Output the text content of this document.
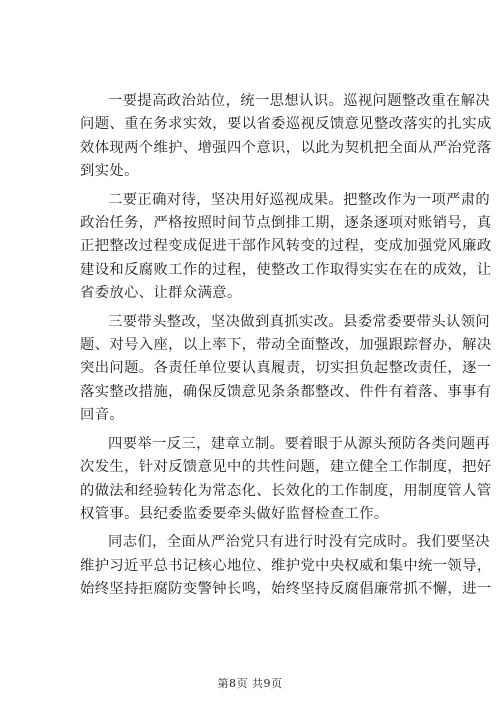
一要提高政治站位，统一思想认识。巡视问题整改重在解决
问题、重在务求实效，要以省委巡视反馈意见整改落实的扎实成
效体现两个维护、增强四个意识，以此为契机把全面从严治党落
到实处。

二要正确对待，坚决用好巡视成果。把整改作为一项严肃的
政治任务，严格按照时间节点倒排工期，逐条逐项对账销号，真
正把整改过程变成促进干部作风转变的过程，变成加强党风廉政
建设和反腐败工作的过程，使整改工作取得实实在在的成效，让
省委放心、让群众满意。

三要带头整改，坚决做到真抓实改。县委常委要带头认领问
题、对号入座，以上率下，带动全面整改，加强跟踪督办，解决
突出问题。各责任单位要认真履责，切实担负起整改责任，逐一
落实整改措施，确保反馈意见条条都整改、件件有着落、事事有
回音。

四要举一反三，建章立制。要着眼于从源头预防各类问题再
次发生，针对反馈意见中的共性问题，建立健全工作制度，把好
的做法和经验转化为常态化、长效化的工作制度，用制度管人管
权管事。县纪委监委要牵头做好监督检查工作。

同志们，全面从严治党只有进行时没有完成时。我们要坚决
维护习近平总书记核心地位、维护党中央权威和集中统一领导，
始终坚持拒腐防变警钟长鸣，始终坚持反腐倡廉常抓不懈，进一

第8页 共9页
